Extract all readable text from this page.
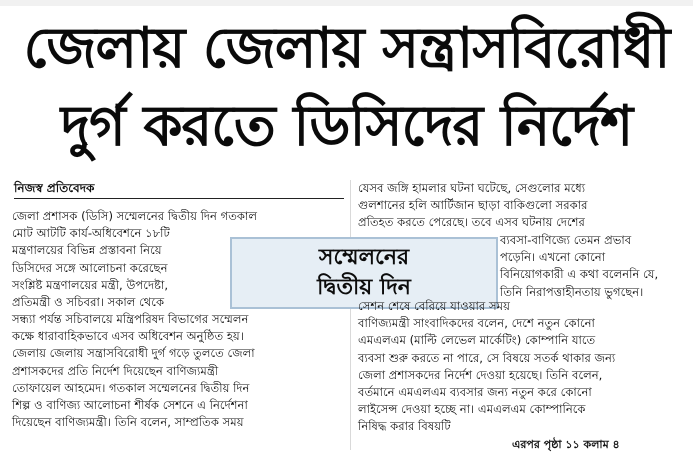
জেলায় জেলায় সন্ত্রাসবিরোধী
দুর্গ করতে ডিসিদের নির্দেশ
নিজস্ব প্রতিবেদক
জেলা প্রশাসক (ডিসি) সম্মেলনের দ্বিতীয় দিন গতকাল
মোট আটটি কার্য-অধিবেশনে ১৮টি
মন্ত্রণালয়ের বিভিন্ন প্রস্তাবনা নিয়ে
ডিসিদের সঙ্গে আলোচনা করেছেন
সংশ্লিষ্ট মন্ত্রণালয়ের মন্ত্রী, উপদেষ্টা,
প্রতিমন্ত্রী ও সচিবরা। সকাল থেকে
সন্ধ্যা পর্যন্ত সচিবালয়ে মন্ত্রিপরিষদ বিভাগের সম্মেলন
কক্ষে ধারাবাহিকভাবে এসব অধিবেশন অনুষ্ঠিত হয়।
জেলায় জেলায় সন্ত্রাসবিরোধী দুর্গ গড়ে তুলতে জেলা
প্রশাসকদের প্রতি নির্দেশ দিয়েছেন বাণিজ্যমন্ত্রী
তোফায়েল আহমেদ। গতকাল সম্মেলনের দ্বিতীয় দিন
শিল্প ও বাণিজ্য আলোচনা শীর্ষক সেশনে এ নির্দেশনা
দিয়েছেন বাণিজ্যমন্ত্রী। তিনি বলেন, সাম্প্রতিক সময়
সম্মেলনের
দ্বিতীয় দিন
যেসব জঙ্গি হামলার ঘটনা ঘটেছে, সেগুলোর মধ্যে
গুলশানের হলি আর্টিজান ছাড়া বাকিগুলো সরকার
প্রতিহত করতে পেরেছে। তবে এসব ঘটনায় দেশের
ব্যবসা-বাণিজ্যে তেমন প্রভাব
পড়েনি। এখনো কোনো
বিনিয়োগকারী এ কথা বলেননি যে,
তিনি নিরাপত্তাহীনতায় ভুগছেন।
সেশন শেষে বেরিয়ে যাওয়ার সময়
বাণিজ্যমন্ত্রী সাংবাদিকদের বলেন, দেশে নতুন কোনো
এমএলএম (মাল্টি লেভেল মার্কেটিং) কোম্পানি যাতে
ব্যবসা শুরু করতে না পারে, সে বিষয়ে সতর্ক থাকার জন্য
জেলা প্রশাসকদের নির্দেশ দেওয়া হয়েছে। তিনি বলেন,
বর্তমানে এমএলএম ব্যবসার জন্য নতুন করে কোনো
লাইসেন্স দেওয়া হচ্ছে না। এমএলএম কোম্পানিকে
নিষিদ্ধ করার বিষয়টি
এরপর পৃষ্ঠা ১১ কলাম ৪
